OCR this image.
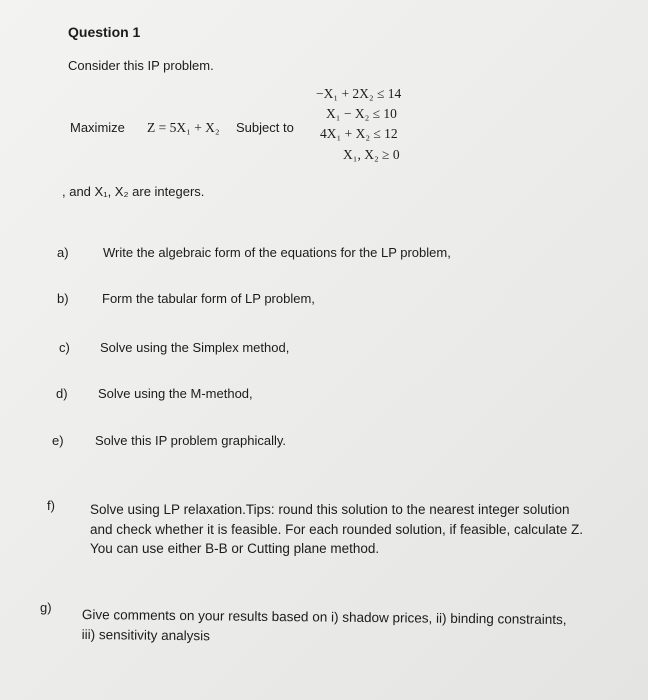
Question 1
Consider this IP problem.
Maximize Z = 5X₁ + X₂ Subject to
−X₁ + 2X₂ ≤ 14
X₁ − X₂ ≤ 10
4X₁ + X₂ ≤ 12
X₁, X₂ ≥ 0
, and X₁, X₂ are integers.
a)	Write the algebraic form of the equations for the LP problem,
b)	Form the tabular form of LP problem,
c) Solve using the Simplex method,
d) Solve using the M-method,
e) Solve this IP problem graphically.
f)	Solve using LP relaxation.Tips: round this solution to the nearest integer solution
and check whether it is feasible. For each rounded solution, if feasible, calculate Z.
You can use either B-B or Cutting plane method.
g) Give comments on your results based on i) shadow prices, ii) binding constraints,
iii) sensitivity analysis
